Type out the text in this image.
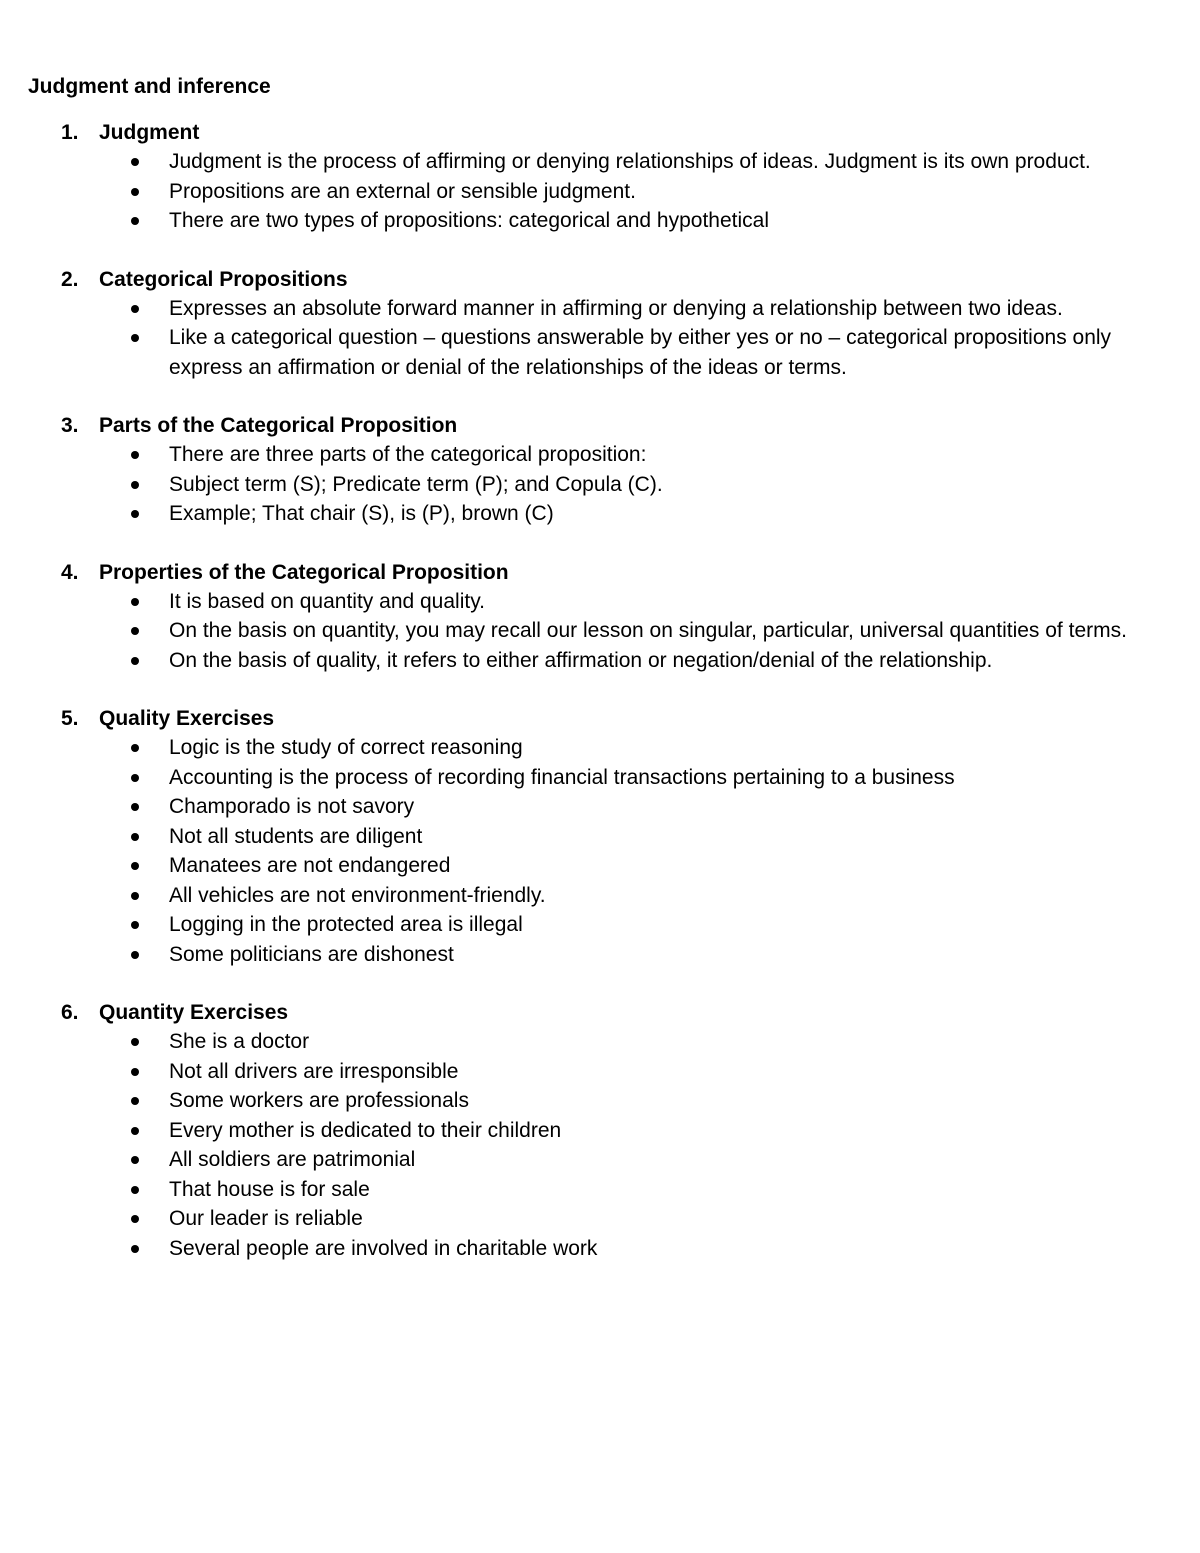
Judgment and inference
1. Judgment
Judgment is the process of affirming or denying relationships of ideas. Judgment is its own product.
Propositions are an external or sensible judgment.
There are two types of propositions: categorical and hypothetical
2. Categorical Propositions
Expresses an absolute forward manner in affirming or denying a relationship between two ideas.
Like a categorical question – questions answerable by either yes or no – categorical propositions only express an affirmation or denial of the relationships of the ideas or terms.
3. Parts of the Categorical Proposition
There are three parts of the categorical proposition:
Subject term (S); Predicate term (P); and Copula (C).
Example; That chair (S), is (P), brown (C)
4. Properties of the Categorical Proposition
It is based on quantity and quality.
On the basis on quantity, you may recall our lesson on singular, particular, universal quantities of terms.
On the basis of quality, it refers to either affirmation or negation/denial of the relationship.
5. Quality Exercises
Logic is the study of correct reasoning
Accounting is the process of recording financial transactions pertaining to a business
Champorado is not savory
Not all students are diligent
Manatees are not endangered
All vehicles are not environment-friendly.
Logging in the protected area is illegal
Some politicians are dishonest
6. Quantity Exercises
She is a doctor
Not all drivers are irresponsible
Some workers are professionals
Every mother is dedicated to their children
All soldiers are patrimonial
That house is for sale
Our leader is reliable
Several people are involved in charitable work
